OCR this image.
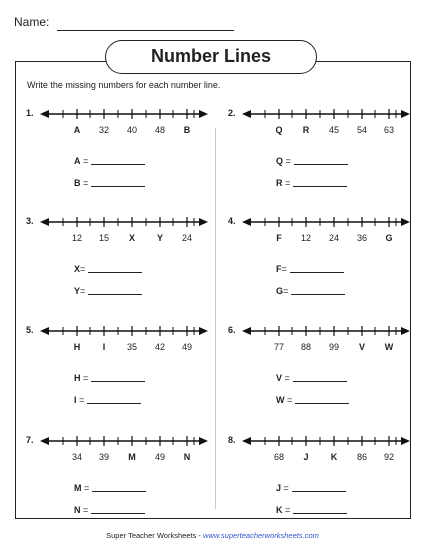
Name:
Number Lines
Write the missing numbers for each number line.
1.
A	32	40	48	B
A =
B =
2.
Q	R	45	54	63
Q =
R =
3.
12	15	X	Y	24
X=
Y=
4.
F	12	24	36	G
F=
G=
5.
H	I	35	42	49
H =
I =
6.
77	88	99	V	W
V =
W =
7.
34	39	M	49	N
M =
N =
8.
68	J	K	86	92
J =
K =
Super Teacher Worksheets - www.superteacherworksheets.com
